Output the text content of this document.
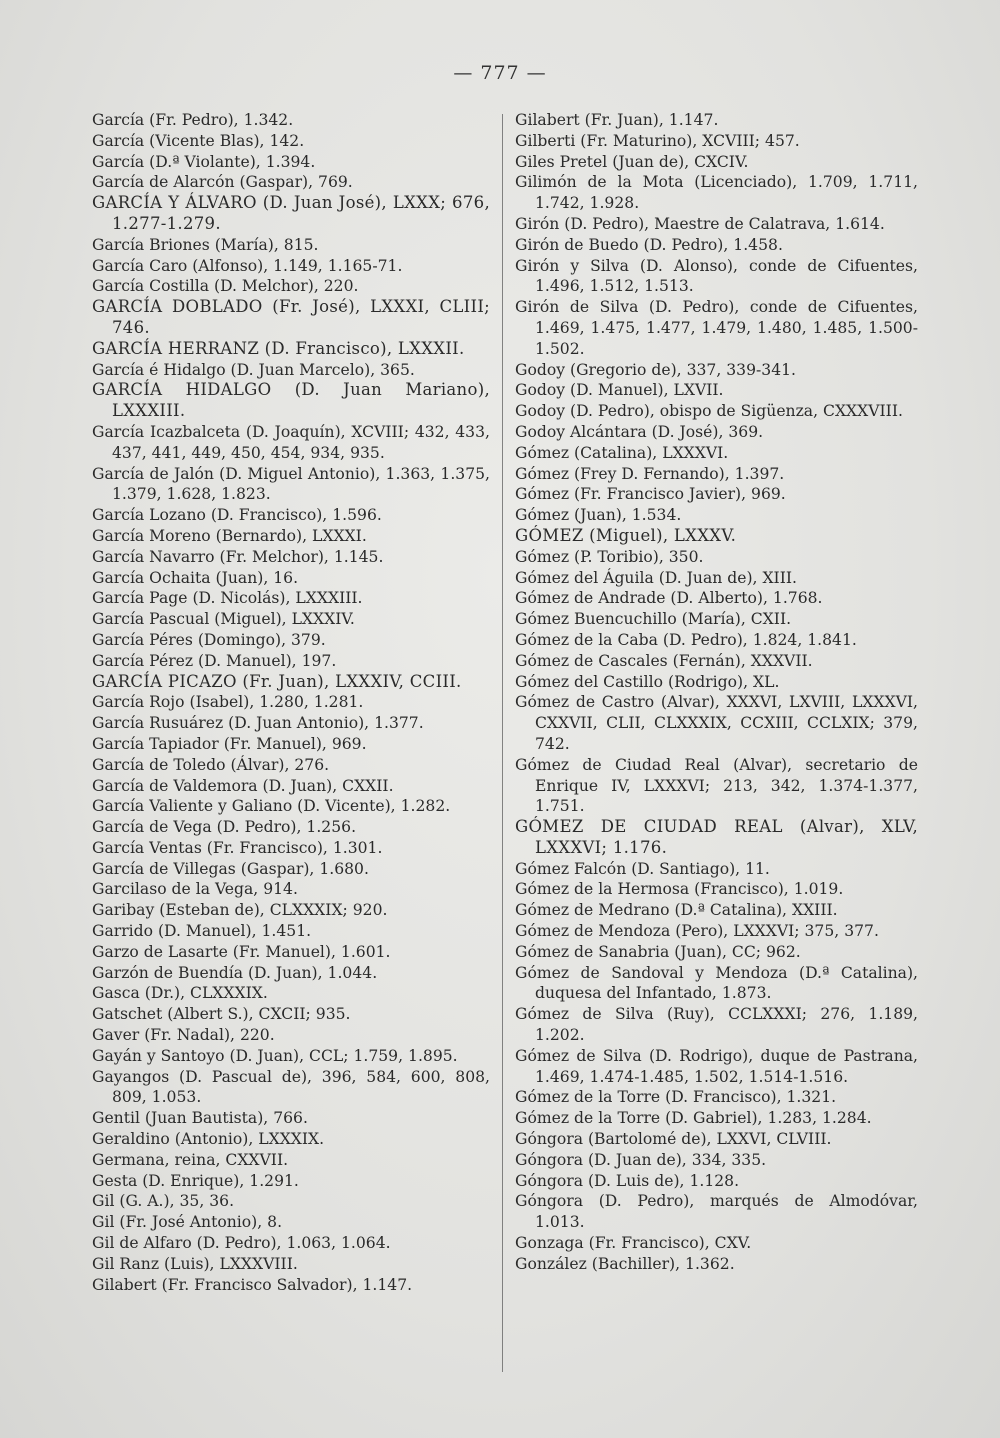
— 777 —

García (Fr. Pedro), 1.342.

García (Vicente Blas), 142.

García (D.ª Violante), 1.394.

García de Alarcón (Gaspar), 769.

GARCÍA Y ÁLVARO (D. Juan José), LXXX; 676, 1.277-1.279.

García Briones (María), 815.

García Caro (Alfonso), 1.149, 1.165-71.

García Costilla (D. Melchor), 220.

GARCÍA DOBLADO (Fr. José), LXXXI, CLIII; 746.

GARCÍA HERRANZ (D. Francisco), LXXXII.

García é Hidalgo (D. Juan Marcelo), 365.

GARCÍA HIDALGO (D. Juan Mariano), LXXXIII.

García Icazbalceta (D. Joaquín), XCVIII; 432, 433, 437, 441, 449, 450, 454, 934, 935.

García de Jalón (D. Miguel Antonio), 1.363, 1.375, 1.379, 1.628, 1.823.

García Lozano (D. Francisco), 1.596.

García Moreno (Bernardo), LXXXI.

García Navarro (Fr. Melchor), 1.145.

García Ochaita (Juan), 16.

García Page (D. Nicolás), LXXXIII.

García Pascual (Miguel), LXXXIV.

García Péres (Domingo), 379.

García Pérez (D. Manuel), 197.

GARCÍA PICAZO (Fr. Juan), LXXXIV, CCIII.

García Rojo (Isabel), 1.280, 1.281.

García Rusuárez (D. Juan Antonio), 1.377.

García Tapiador (Fr. Manuel), 969.

García de Toledo (Álvar), 276.

García de Valdemora (D. Juan), CXXII.

García Valiente y Galiano (D. Vicente), 1.282.

García de Vega (D. Pedro), 1.256.

García Ventas (Fr. Francisco), 1.301.

García de Villegas (Gaspar), 1.680.

Garcilaso de la Vega, 914.

Garibay (Esteban de), CLXXXIX; 920.

Garrido (D. Manuel), 1.451.

Garzo de Lasarte (Fr. Manuel), 1.601.

Garzón de Buendía (D. Juan), 1.044.

Gasca (Dr.), CLXXXIX.

Gatschet (Albert S.), CXCII; 935.

Gaver (Fr. Nadal), 220.

Gayán y Santoyo (D. Juan), CCL; 1.759, 1.895.

Gayangos (D. Pascual de), 396, 584, 600, 808, 809, 1.053.

Gentil (Juan Bautista), 766.

Geraldino (Antonio), LXXXIX.

Germana, reina, CXXVII.

Gesta (D. Enrique), 1.291.

Gil (G. A.), 35, 36.

Gil (Fr. José Antonio), 8.

Gil de Alfaro (D. Pedro), 1.063, 1.064.

Gil Ranz (Luis), LXXXVIII.

Gilabert (Fr. Francisco Salvador), 1.147.

Gilabert (Fr. Juan), 1.147.

Gilberti (Fr. Maturino), XCVIII; 457.

Giles Pretel (Juan de), CXCIV.

Gilimón de la Mota (Licenciado), 1.709, 1.711, 1.742, 1.928.

Girón (D. Pedro), Maestre de Calatrava, 1.614.

Girón de Buedo (D. Pedro), 1.458.

Girón y Silva (D. Alonso), conde de Cifuentes, 1.496, 1.512, 1.513.

Girón de Silva (D. Pedro), conde de Cifuentes, 1.469, 1.475, 1.477, 1.479, 1.480, 1.485, 1.500-1.502.

Godoy (Gregorio de), 337, 339-341.

Godoy (D. Manuel), LXVII.

Godoy (D. Pedro), obispo de Sigüenza, CXXXVIII.

Godoy Alcántara (D. José), 369.

Gómez (Catalina), LXXXVI.

Gómez (Frey D. Fernando), 1.397.

Gómez (Fr. Francisco Javier), 969.

Gómez (Juan), 1.534.

GÓMEZ (Miguel), LXXXV.

Gómez (P. Toribio), 350.

Gómez del Águila (D. Juan de), XIII.

Gómez de Andrade (D. Alberto), 1.768.

Gómez Buencuchillo (María), CXII.

Gómez de la Caba (D. Pedro), 1.824, 1.841.

Gómez de Cascales (Fernán), XXXVII.

Gómez del Castillo (Rodrigo), XL.

Gómez de Castro (Alvar), XXXVI, LXVIII, LXXXVI, CXXVII, CLII, CLXXXIX, CCXIII, CCLXIX; 379, 742.

Gómez de Ciudad Real (Alvar), secretario de Enrique IV, LXXXVI; 213, 342, 1.374-1.377, 1.751.

GÓMEZ DE CIUDAD REAL (Alvar), XLV, LXXXVI; 1.176.

Gómez Falcón (D. Santiago), 11.

Gómez de la Hermosa (Francisco), 1.019.

Gómez de Medrano (D.ª Catalina), XXIII.

Gómez de Mendoza (Pero), LXXXVI; 375, 377.

Gómez de Sanabria (Juan), CC; 962.

Gómez de Sandoval y Mendoza (D.ª Catalina), duquesa del Infantado, 1.873.

Gómez de Silva (Ruy), CCLXXXI; 276, 1.189, 1.202.

Gómez de Silva (D. Rodrigo), duque de Pastrana, 1.469, 1.474-1.485, 1.502, 1.514-1.516.

Gómez de la Torre (D. Francisco), 1.321.

Gómez de la Torre (D. Gabriel), 1.283, 1.284.

Góngora (Bartolomé de), LXXVI, CLVIII.

Góngora (D. Juan de), 334, 335.

Góngora (D. Luis de), 1.128.

Góngora (D. Pedro), marqués de Almodóvar, 1.013.

Gonzaga (Fr. Francisco), CXV.

González (Bachiller), 1.362.
